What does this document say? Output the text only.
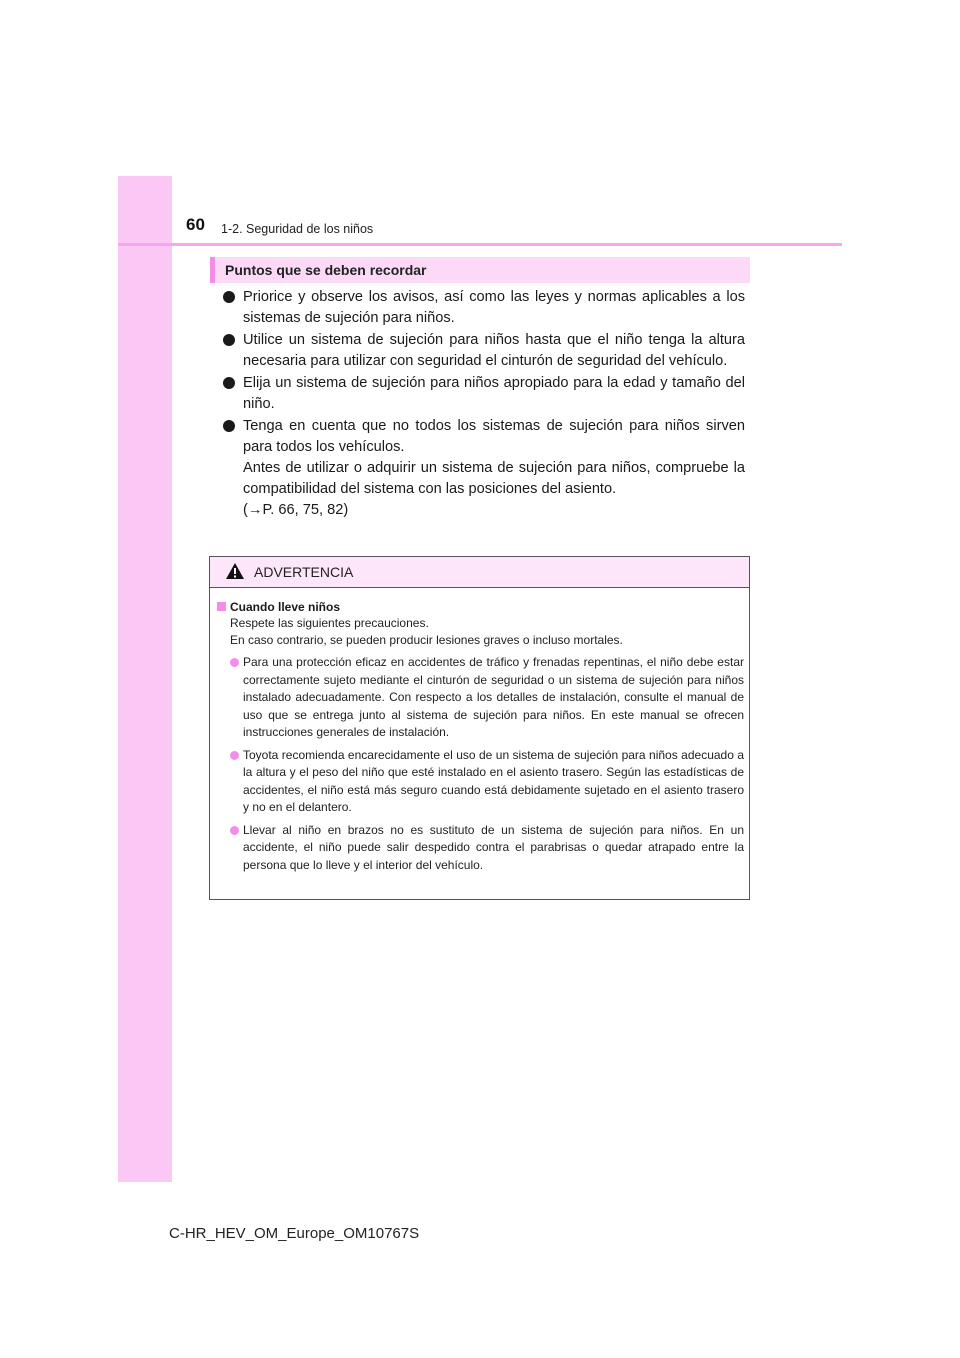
60 1-2. Seguridad de los niños
Puntos que se deben recordar

Priorice y observe los avisos, así como las leyes y normas aplicables a los sistemas de sujeción para niños.

Utilice un sistema de sujeción para niños hasta que el niño tenga la altura necesaria para utilizar con seguridad el cinturón de seguridad del vehículo.

Elija un sistema de sujeción para niños apropiado para la edad y tamaño del niño.

Tenga en cuenta que no todos los sistemas de sujeción para niños sirven para todos los vehículos.

Antes de utilizar o adquirir un sistema de sujeción para niños, compruebe la compatibilidad del sistema con las posiciones del asiento.

(→P. 66, 75, 82)

ADVERTENCIA
Cuando lleve niños

Respete las siguientes precauciones.

En caso contrario, se pueden producir lesiones graves o incluso mortales.

Para una protección eficaz en accidentes de tráfico y frenadas repentinas, el niño debe estar correctamente sujeto mediante el cinturón de seguridad o un sistema de sujeción para niños instalado adecuadamente. Con respecto a los detalles de instalación, consulte el manual de uso que se entrega junto al sistema de sujeción para niños. En este manual se ofrecen instrucciones generales de instalación.
Toyota recomienda encarecidamente el uso de un sistema de sujeción para niños adecuado a la altura y el peso del niño que esté instalado en el asiento trasero. Según las estadísticas de accidentes, el niño está más seguro cuando está debidamente sujetado en el asiento trasero y no en el delantero.
Llevar al niño en brazos no es sustituto de un sistema de sujeción para niños. En un accidente, el niño puede salir despedido contra el parabrisas o quedar atrapado entre la persona que lo lleve y el interior del vehículo.
C-HR_HEV_OM_Europe_OM10767S
